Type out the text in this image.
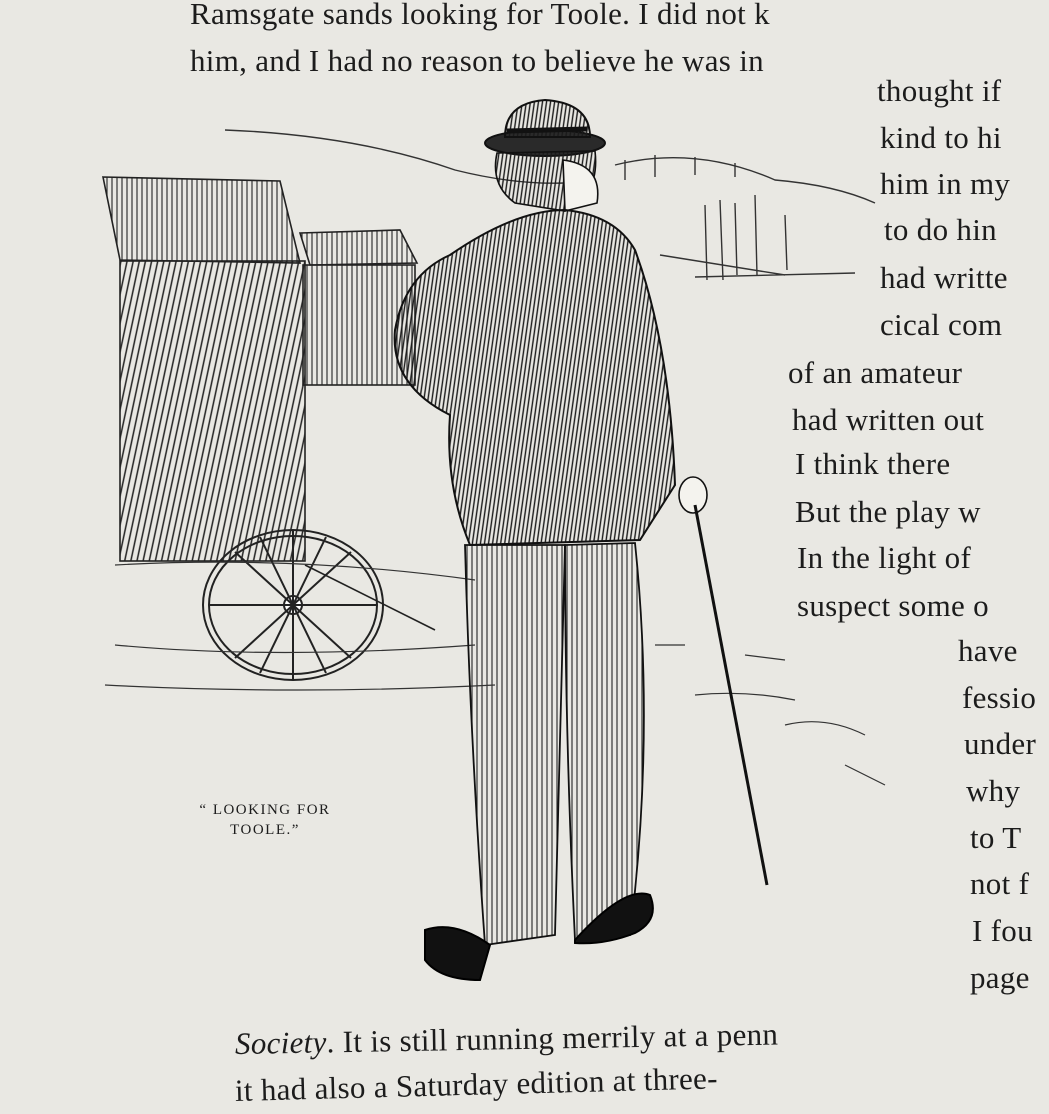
Ramsgate sands looking for Toole. I did not k
him, and I had no reason to believe he was in
thought if
kind to hi
him in my
to do hin
had writte
cical com
of an amateur
had written out
I think there
But the play w
In the light of
suspect some o
have
fessio
under
why
to T
not f
I fou
page
Society. It is still running merrily at a penn
it had also a Saturday edition at three-
“ LOOKING FOR
TOOLE.”
